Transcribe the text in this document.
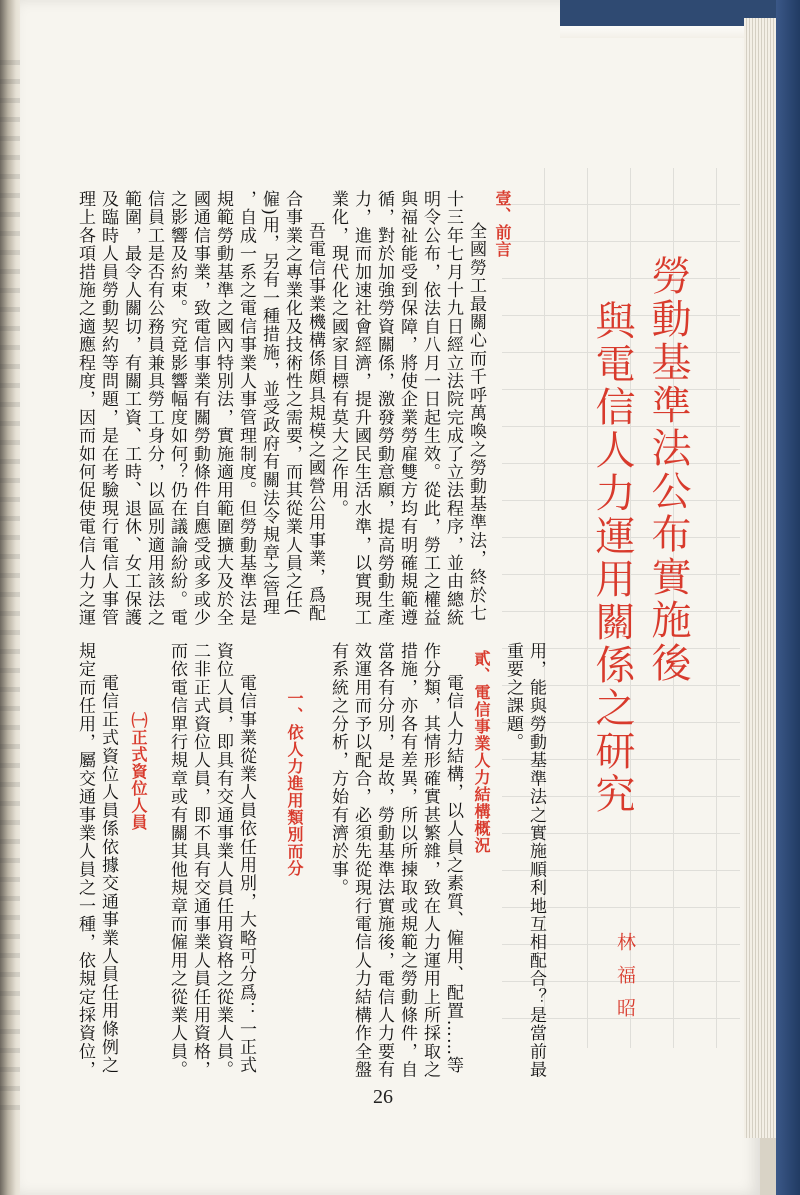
勞動基準法公布實施後
與電信人力運用關係之研究
林福昭
壹、前言
全國勞工最關心而千呼萬喚之勞動基準法，終於七
十三年七月十九日經立法院完成了立法程序，並由總統
明令公布，依法自八月一日起生效。從此，勞工之權益
與福祉能受到保障，將使企業勞雇雙方均有明確規範遵
循，對於加強勞資關係，激發勞動意願，提高勞動生產
力，進而加速社會經濟，提升國民生活水準，以實現工
業化，現代化之國家目標有莫大之作用。
吾電信事業機構係頗具規模之國營公用事業，爲配
合事業之專業化及技術性之需要，而其從業人員之任(
僱)用，另有一種措施，並受政府有關法令規章之管理
，自成一系之電信事業人事管理制度。但勞動基準法是
規範勞動基準之國內特別法，實施適用範圍擴大及於全
國通信事業，致電信事業有關勞動條件自應受或多或少
之影響及約束。究竟影響幅度如何？仍在議論紛紛。電
信員工是否有公務員兼具勞工身分，以區別適用該法之
範圍，最令人關切，有關工資、工時、退休、女工保護
及臨時人員勞動契約等問題，是在考驗現行電信人事管
理上各項措施之適應程度，因而如何促使電信人力之運
用，能與勞動基準法之實施順利地互相配合？是當前最
重要之課題。
貳、電信事業人力結構概況
電信人力結構，以人員之素質、僱用、配置……等
作分類，其情形確實甚繁雜，致在人力運用上所採取之
措施，亦各有差異，所以所揀取或規範之勞動條件，自
當各有分別，是故，勞動基準法實施後，電信人力要有
效運用而予以配合，必須先從現行電信人力結構作全盤
有系統之分析，方始有濟於事。
一、依人力進用類別而分
電信事業從業人員依任用別，大略可分爲：一正式
資位人員，即具有交通事業人員任用資格之從業人員。
二非正式資位人員，即不具有交通事業人員任用資格，
而依電信單行規章或有關其他規章而僱用之從業人員。
㈠正式資位人員
電信正式資位人員係依據交通事業人員任用條例之
規定而任用，屬交通事業人員之一種，依規定採資位，
26
